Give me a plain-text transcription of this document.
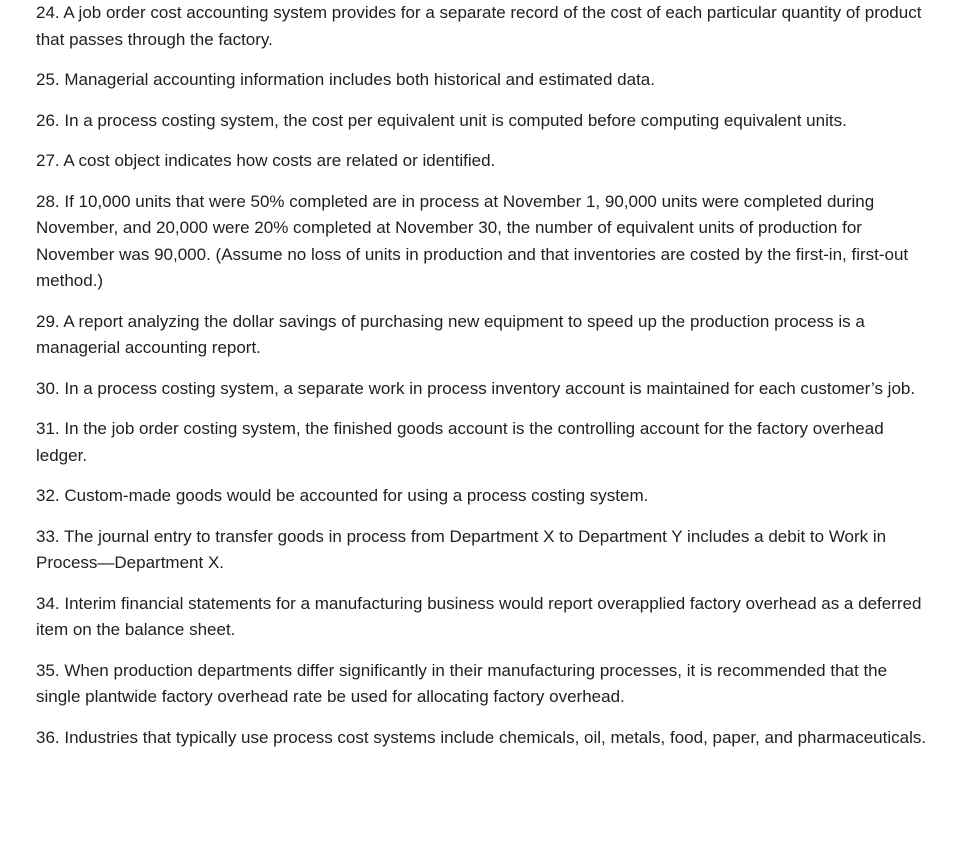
24. A job order cost accounting system provides for a separate record of the cost of each particular quantity of product that passes through the factory.

25. Managerial accounting information includes both historical and estimated data.

26. In a process costing system, the cost per equivalent unit is computed before computing equivalent units.

27. A cost object indicates how costs are related or identified.

28. If 10,000 units that were 50% completed are in process at November 1, 90,000 units were completed during November, and 20,000 were 20% completed at November 30, the number of equivalent units of production for November was 90,000. (Assume no loss of units in production and that inventories are costed by the first-in, first-out method.)

29. A report analyzing the dollar savings of purchasing new equipment to speed up the production process is a managerial accounting report.

30. In a process costing system, a separate work in process inventory account is maintained for each customer’s job.

31. In the job order costing system, the finished goods account is the controlling account for the factory overhead ledger.

32. Custom-made goods would be accounted for using a process costing system.

33. The journal entry to transfer goods in process from Department X to Department Y includes a debit to Work in Process—Department X.

34. Interim financial statements for a manufacturing business would report overapplied factory overhead as a deferred item on the balance sheet.

35. When production departments differ significantly in their manufacturing processes, it is recommended that the single plantwide factory overhead rate be used for allocating factory overhead.

36. Industries that typically use process cost systems include chemicals, oil, metals, food, paper, and pharmaceuticals.
